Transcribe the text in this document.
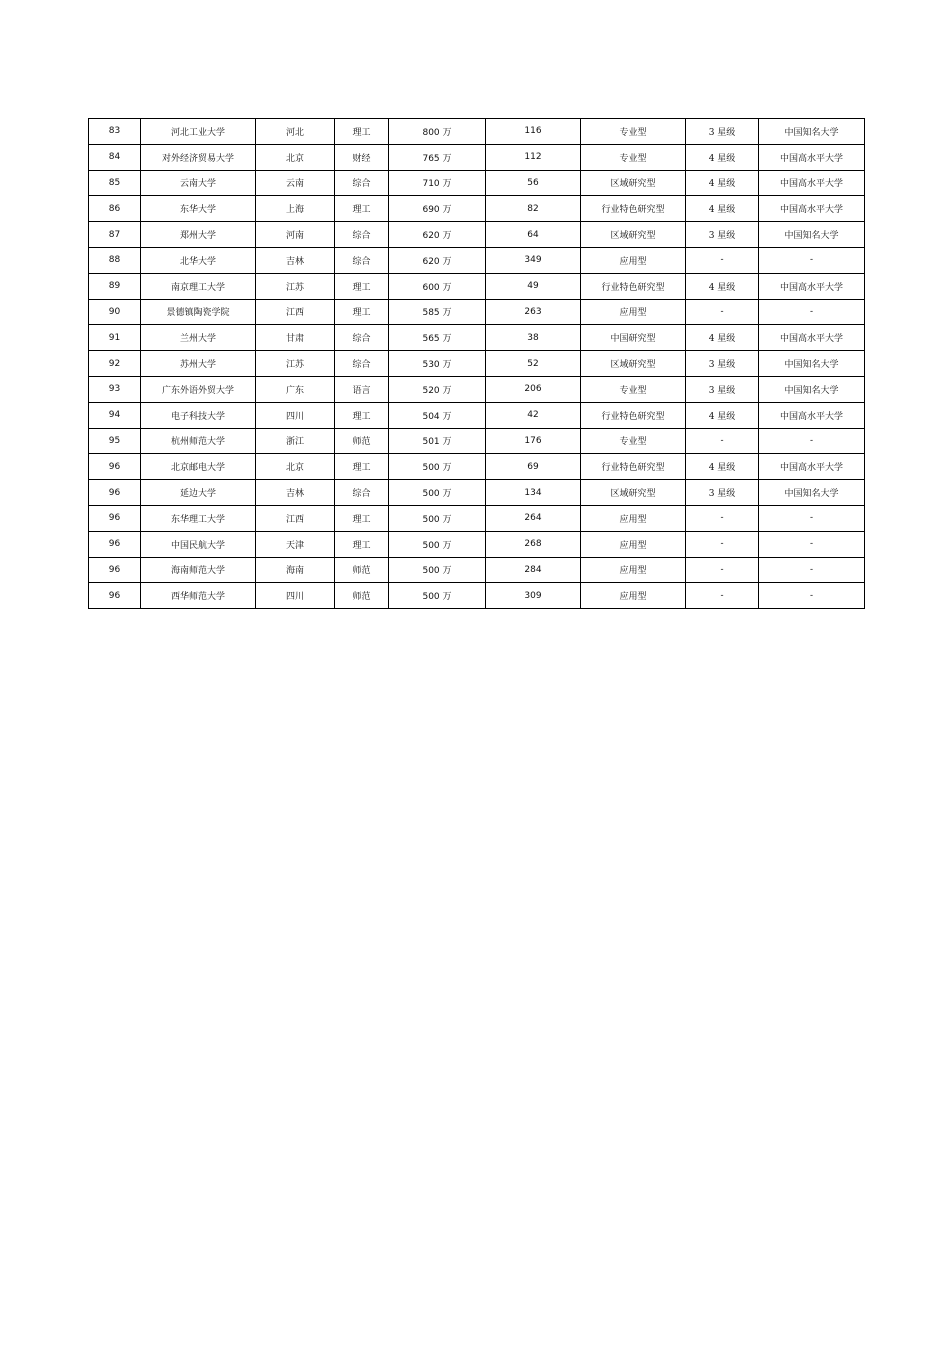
83	河北工业大学	河北	理工	800 万	116	专业型	3 星级	中国知名大学
84	对外经济贸易大学	北京	财经	765 万	112	专业型	4 星级	中国高水平大学
85	云南大学	云南	综合	710 万	56	区域研究型	4 星级	中国高水平大学
86	东华大学	上海	理工	690 万	82	行业特色研究型	4 星级	中国高水平大学
87	郑州大学	河南	综合	620 万	64	区域研究型	3 星级	中国知名大学
88	北华大学	吉林	综合	620 万	349	应用型	-	-
89	南京理工大学	江苏	理工	600 万	49	行业特色研究型	4 星级	中国高水平大学
90	景德镇陶瓷学院	江西	理工	585 万	263	应用型	-	-
91	兰州大学	甘肃	综合	565 万	38	中国研究型	4 星级	中国高水平大学
92	苏州大学	江苏	综合	530 万	52	区域研究型	3 星级	中国知名大学
93	广东外语外贸大学	广东	语言	520 万	206	专业型	3 星级	中国知名大学
94	电子科技大学	四川	理工	504 万	42	行业特色研究型	4 星级	中国高水平大学
95	杭州师范大学	浙江	师范	501 万	176	专业型	-	-
96	北京邮电大学	北京	理工	500 万	69	行业特色研究型	4 星级	中国高水平大学
96	延边大学	吉林	综合	500 万	134	区域研究型	3 星级	中国知名大学
96	东华理工大学	江西	理工	500 万	264	应用型	-	-
96	中国民航大学	天津	理工	500 万	268	应用型	-	-
96	海南师范大学	海南	师范	500 万	284	应用型	-	-
96	西华师范大学	四川	师范	500 万	309	应用型	-	-
